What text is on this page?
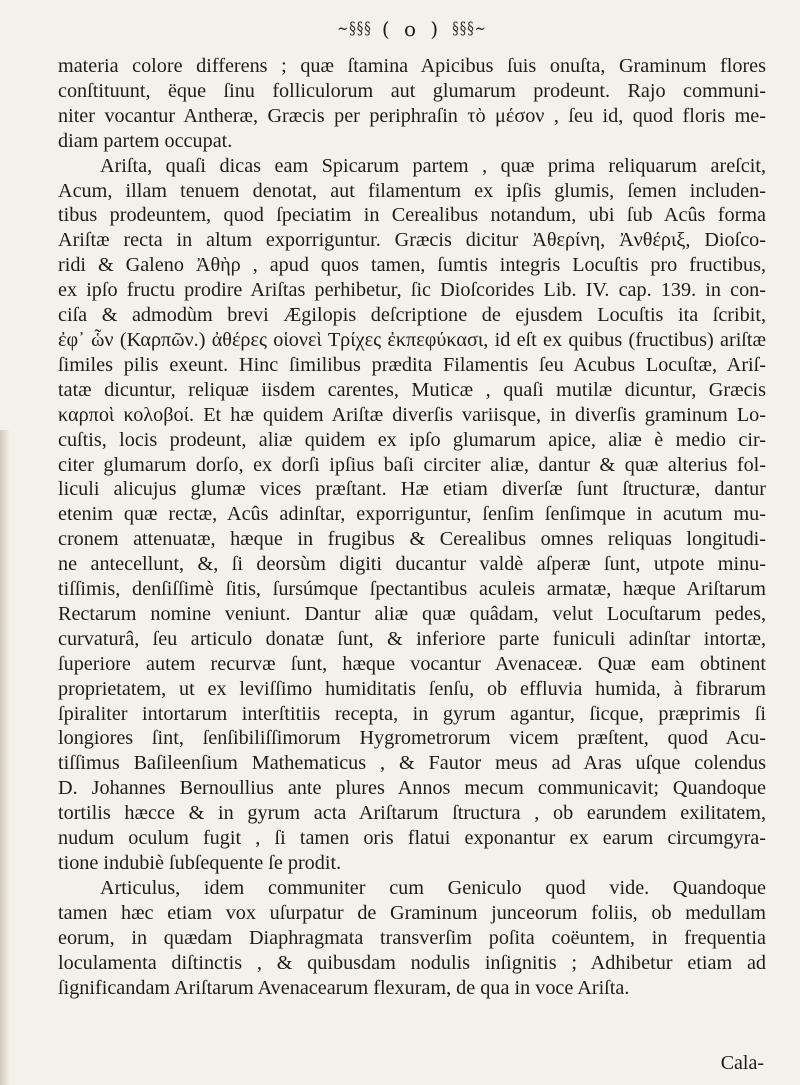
~§§§ ( o ) §§§~

materia colore differens ; quæ ſtamina Apicibus ſuis onuſta, Graminum flores

conſtituunt, ëque ſinu folliculorum aut glumarum prodeunt. Rajo communi-

niter vocantur Antheræ, Græcis per periphraſin τὸ μέσον , ſeu id, quod floris me-

diam partem occupat.

Ariſta, quaſi dicas eam Spicarum partem , quæ prima reliquarum areſcit,

Acum, illam tenuem denotat, aut filamentum ex ipſis glumis, ſemen includen-

tibus prodeuntem, quod ſpeciatim in Cerealibus notandum, ubi ſub Acûs forma

Ariſtæ recta in altum exporriguntur. Græcis dicitur Ἀθερίνη, Ἀνθέριξ, Dioſco-

ridi & Galeno Ἀθὴρ , apud quos tamen, ſumtis integris Locuſtis pro fructibus,

ex ipſo fructu prodire Ariſtas perhibetur, ſic Dioſcorides Lib. IV. cap. 139. in con-

ciſa & admodùm brevi Ægilopis deſcriptione de ejusdem Locuſtis ita ſcribit,

ἐφ᾽ ὧν (Καρπῶν.) ἀθέρες οἱονεὶ Τρίχες ἐκπεφύκασι, id eſt ex quibus (fructibus) ariſtæ

ſimiles pilis exeunt. Hinc ſimilibus prædita Filamentis ſeu Acubus Locuſtæ, Ariſ-

tatæ dicuntur, reliquæ iisdem carentes, Muticæ , quaſi mutilæ dicuntur, Græcis

καρποὶ κολοβοί. Et hæ quidem Ariſtæ diverſis variisque, in diverſis graminum Lo-

cuſtis, locis prodeunt, aliæ quidem ex ipſo glumarum apice, aliæ è medio cir-

citer glumarum dorſo, ex dorſi ipſius baſi circiter aliæ, dantur & quæ alterius fol-

liculi alicujus glumæ vices præſtant. Hæ etiam diverſæ ſunt ſtructuræ, dantur

etenim quæ rectæ, Acûs adinſtar, exporriguntur, ſenſim ſenſimque in acutum mu-

cronem attenuatæ, hæque in frugibus & Cerealibus omnes reliquas longitudi-

ne antecellunt, &, ſi deorsùm digiti ducantur valdè aſperæ ſunt, utpote minu-

tiſſimis, denſiſſimè ſitis, ſursúmque ſpectantibus aculeis armatæ, hæque Ariſtarum

Rectarum nomine veniunt. Dantur aliæ quæ quâdam, velut Locuſtarum pedes,

curvaturâ, ſeu articulo donatæ ſunt, & inferiore parte funiculi adinſtar intortæ,

ſuperiore autem recurvæ ſunt, hæque vocantur Avenaceæ. Quæ eam obtinent

proprietatem, ut ex leviſſimo humiditatis ſenſu, ob effluvia humida, à fibrarum

ſpiraliter intortarum interſtitiis recepta, in gyrum agantur, ſicque, præprimis ſi

longiores ſint, ſenſibiliſſimorum Hygrometrorum vicem præſtent, quod Acu-

tiſſimus Baſileenſium Mathematicus , & Fautor meus ad Aras uſque colendus

D. Johannes Bernoullius ante plures Annos mecum communicavit; Quandoque

tortilis hæcce & in gyrum acta Ariſtarum ſtructura , ob earundem exilitatem,

nudum oculum fugit , ſi tamen oris flatui exponantur ex earum circumgyra-

tione indubiè ſubſequente ſe prodit.

Articulus, idem communiter cum Geniculo quod vide. Quandoque

tamen hæc etiam vox uſurpatur de Graminum junceorum foliis, ob medullam

eorum, in quædam Diaphragmata transverſim poſita coëuntem, in frequentia

loculamenta diſtinctis , & quibusdam nodulis inſignitis ; Adhibetur etiam ad

ſignificandam Ariſtarum Avenacearum flexuram, de qua in voce Ariſta.

Cala-
